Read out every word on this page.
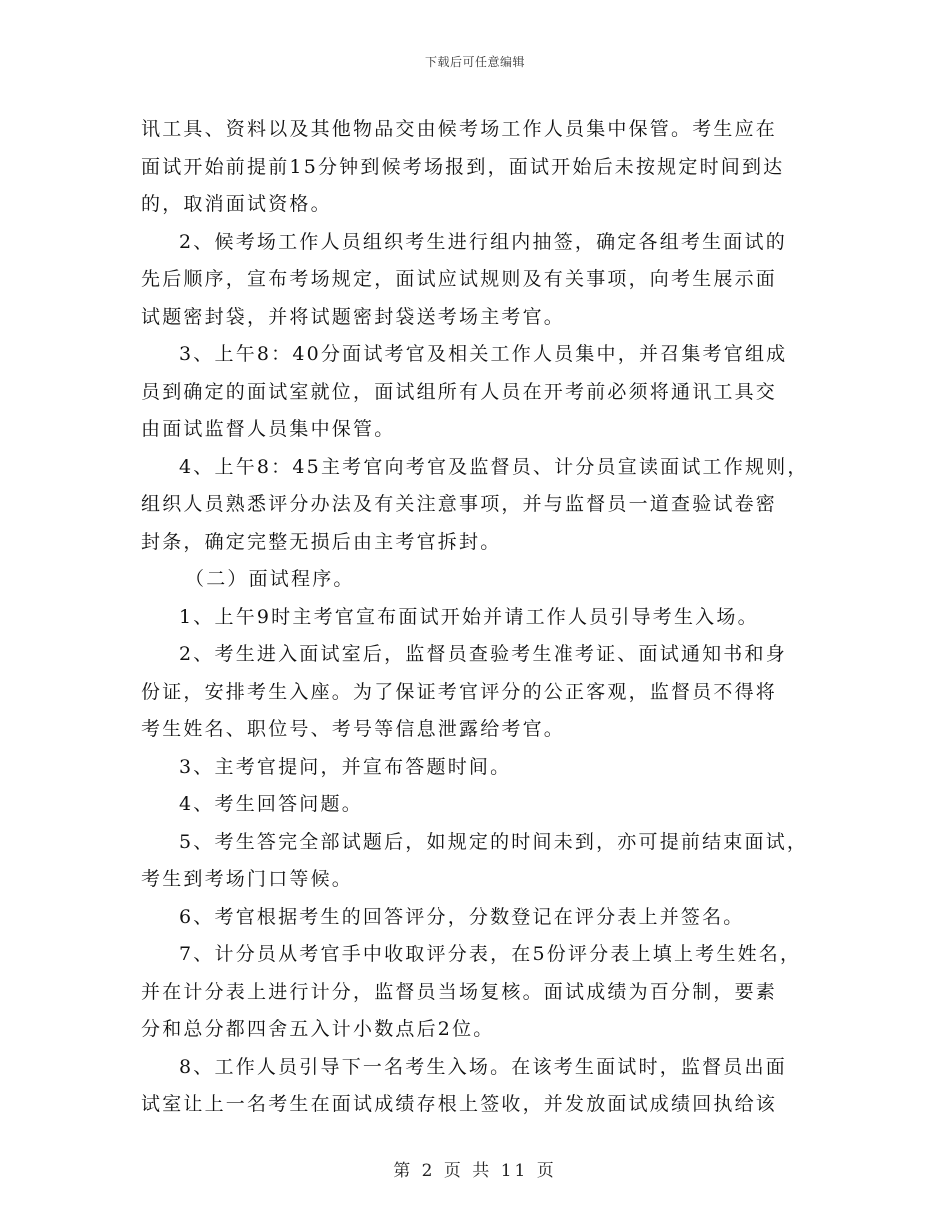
下载后可任意编辑
讯工具、资料以及其他物品交由候考场工作人员集中保管。考生应在
面试开始前提前15分钟到候考场报到，面试开始后未按规定时间到达
的，取消面试资格。
2、候考场工作人员组织考生进行组内抽签，确定各组考生面试的
先后顺序，宣布考场规定，面试应试规则及有关事项，向考生展示面
试题密封袋，并将试题密封袋送考场主考官。
3、上午8：40分面试考官及相关工作人员集中，并召集考官组成
员到确定的面试室就位，面试组所有人员在开考前必须将通讯工具交
由面试监督人员集中保管。
4、上午8：45主考官向考官及监督员、计分员宣读面试工作规则，
组织人员熟悉评分办法及有关注意事项，并与监督员一道查验试卷密
封条，确定完整无损后由主考官拆封。
（二）面试程序。
1、上午9时主考官宣布面试开始并请工作人员引导考生入场。
2、考生进入面试室后，监督员查验考生准考证、面试通知书和身
份证，安排考生入座。为了保证考官评分的公正客观，监督员不得将
考生姓名、职位号、考号等信息泄露给考官。
3、主考官提问，并宣布答题时间。
4、考生回答问题。
5、考生答完全部试题后，如规定的时间未到，亦可提前结束面试，
考生到考场门口等候。
6、考官根据考生的回答评分，分数登记在评分表上并签名。
7、计分员从考官手中收取评分表，在5份评分表上填上考生姓名，
并在计分表上进行计分，监督员当场复核。面试成绩为百分制，要素
分和总分都四舍五入计小数点后2位。
8、工作人员引导下一名考生入场。在该考生面试时，监督员出面
试室让上一名考生在面试成绩存根上签收，并发放面试成绩回执给该
第 2 页 共 11 页
